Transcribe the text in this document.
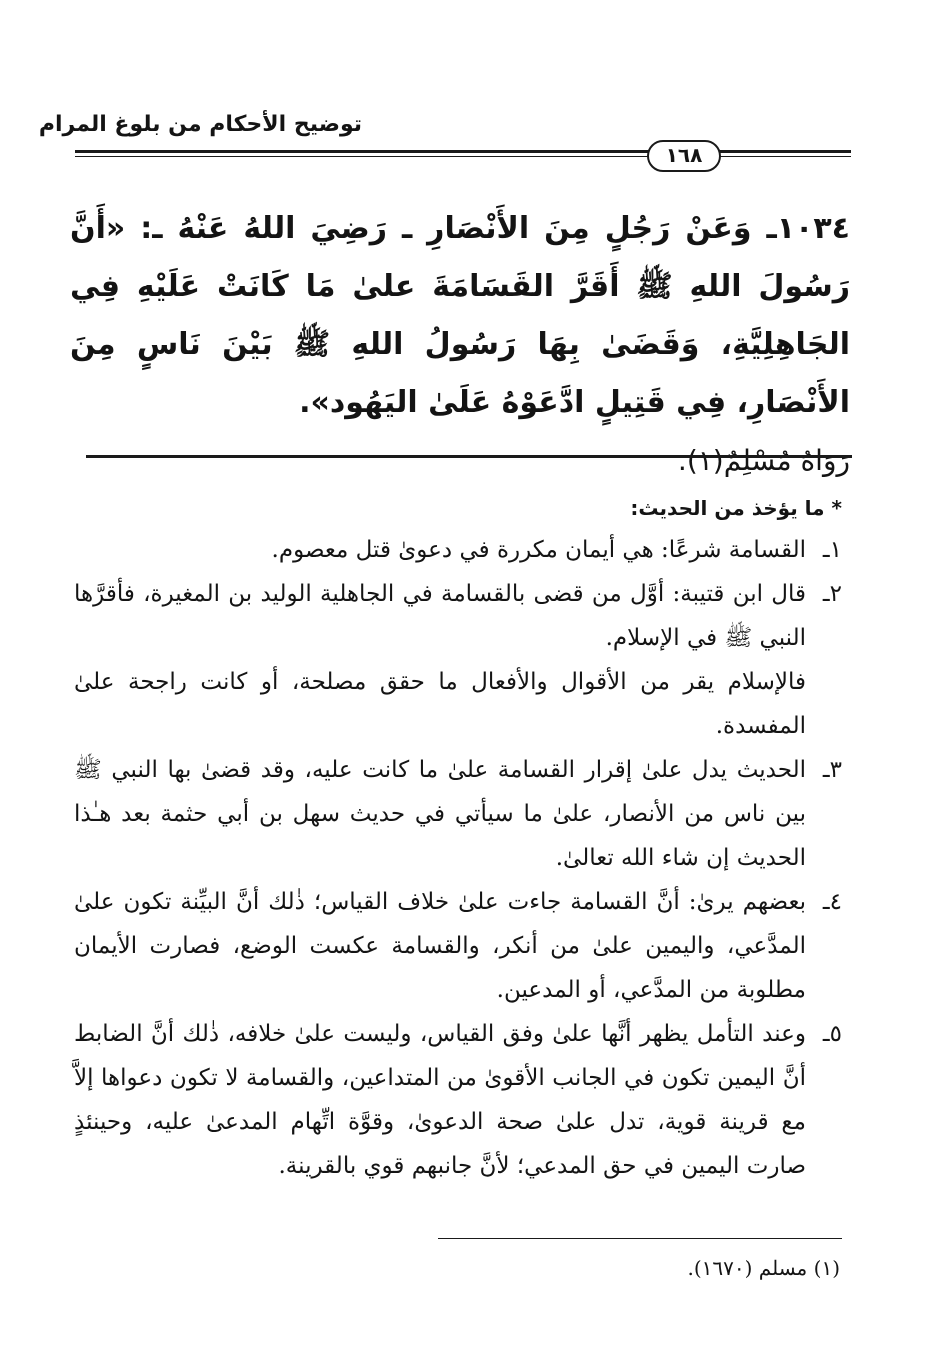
توضيح الأحكام من بلوغ المرام
١٦٨
١٠٣٤ـ وَعَنْ رَجُلٍ مِنَ الأَنْصَارِ ـ رَضِيَ اللهُ عَنْهُ ـ: «أَنَّ رَسُولَ اللهِ ﷺ أَقَرَّ القَسَامَةَ علىٰ مَا كَانَتْ عَلَيْهِ فِي الجَاهِلِيَّةِ، وَقَضَىٰ بِهَا رَسُولُ اللهِ ﷺ بَيْنَ نَاسٍ مِنَ الأَنْصَارِ، فِي قَتِيلٍ ادَّعَوْهُ عَلَىٰ اليَهُود».
رَوَاهُ مُسْلِمٌ(١).
* ما يؤخذ من الحديث:

١ـالقسامة شرعًا: هي أيمان مكررة في دعوىٰ قتل معصوم.

٢ـقال ابن قتيبة: أوَّل من قضى بالقسامة في الجاهلية الوليد بن المغيرة، فأقرَّها النبي ﷺ في الإسلام.

فالإسلام يقر من الأقوال والأفعال ما حقق مصلحة، أو كانت راجحة علىٰ المفسدة.

٣ـالحديث يدل علىٰ إقرار القسامة علىٰ ما كانت عليه، وقد قضىٰ بها النبي ﷺ بين ناس من الأنصار، علىٰ ما سيأتي في حديث سهل بن أبي حثمة بعد هـٰذا الحديث إن شاء الله تعالىٰ.

٤ـبعضهم يرىٰ: أنَّ القسامة جاءت علىٰ خلاف القياس؛ ذٰلك أنَّ البيِّنة تكون علىٰ المدَّعي، واليمين علىٰ من أنكر، والقسامة عكست الوضع، فصارت الأيمان مطلوبة من المدَّعي، أو المدعين.

٥ـوعند التأمل يظهر أنَّها علىٰ وفق القياس، وليست علىٰ خلافه، ذٰلك أنَّ الضابط أنَّ اليمين تكون في الجانب الأقوىٰ من المتداعين، والقسامة لا تكون دعواها إلاَّ مع قرينة قوية، تدل علىٰ صحة الدعوىٰ، وقوَّة اتِّهام المدعىٰ عليه، وحينئذٍ صارت اليمين في حق المدعي؛ لأنَّ جانبهم قوي بالقرينة.

(١) مسلم (١٦٧٠).
